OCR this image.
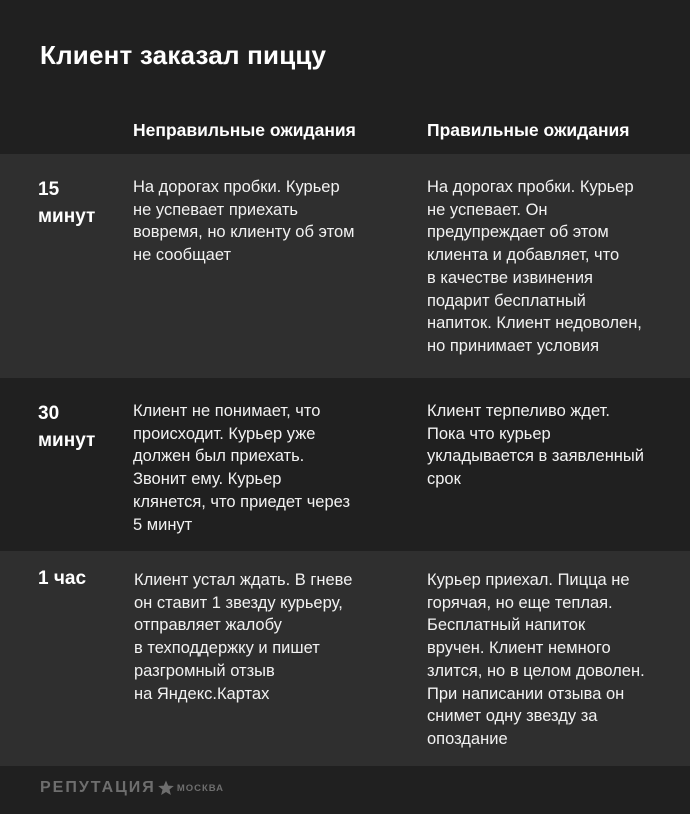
Клиент заказал пиццу
Неправильные ожидания	Правильные ожидания
15
минут
На дорогах пробки. Курьер
не успевает приехать
вовремя, но клиенту об этом
не сообщает
На дорогах пробки. Курьер
не успевает. Он
предупреждает об этом
клиента и добавляет, что
в качестве извинения
подарит бесплатный
напиток. Клиент недоволен,
но принимает условия
30
минут
Клиент не понимает, что
происходит. Курьер уже
должен был приехать.
Звонит ему. Курьер
клянется, что приедет через
5 минут
Клиент терпеливо ждет.
Пока что курьер
укладывается в заявленный
срок
1 час	Клиент устал ждать. В гневе
он ставит 1 звезду курьеру,
отправляет жалобу
в техподдержку и пишет
разгромный отзыв
на Яндекс.Картах
Курьер приехал. Пицца не
горячая, но еще теплая.
Бесплатный напиток
вручен. Клиент немного
злится, но в целом доволен.
При написании отзыва он
снимет одну звезду за
опоздание
РЕПУТАЦИЯ МОСКВА
